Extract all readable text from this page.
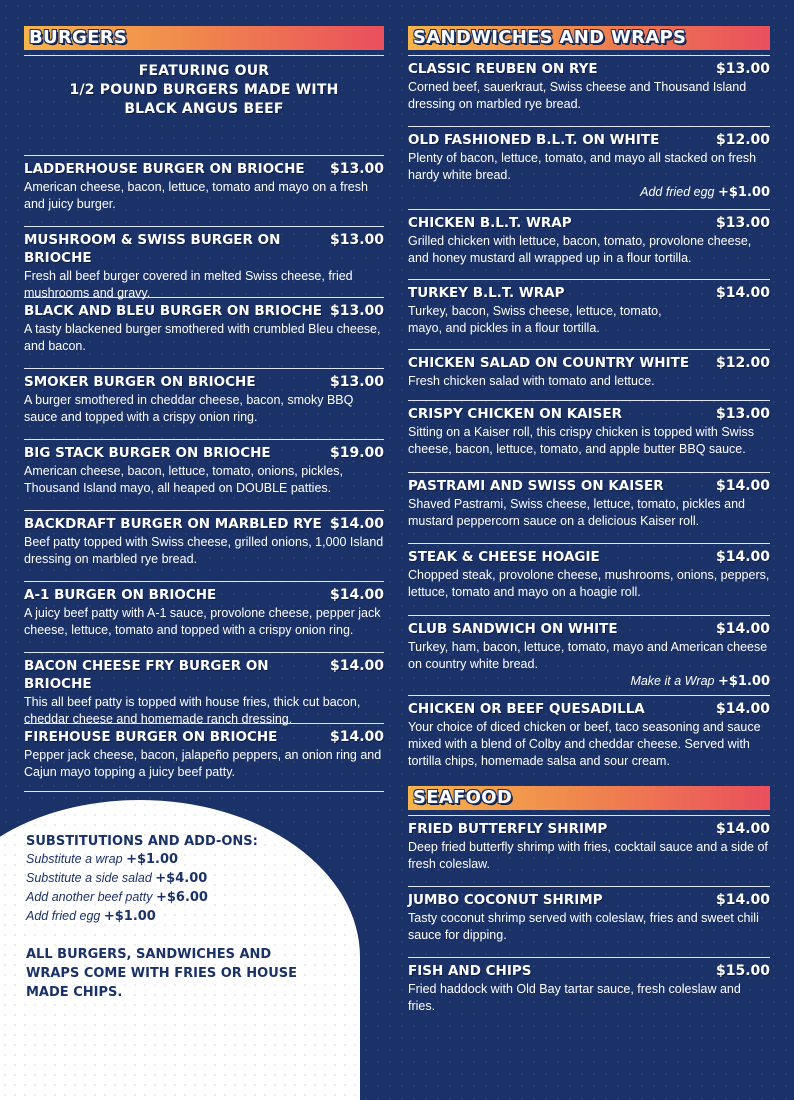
BURGERS
FEATURING OUR
1/2 POUND BURGERS MADE WITH
BLACK ANGUS BEEF
LADDERHOUSE BURGER ON BRIOCHE $13.00
American cheese, bacon, lettuce, tomato and mayo on a fresh and juicy burger.
MUSHROOM & SWISS BURGER ON BRIOCHE
$13.00
Fresh all beef burger covered in melted Swiss cheese, fried mushrooms and gravy.
BLACK AND BLEU BURGER ON BRIOCHE $13.00
A tasty blackened burger smothered with crumbled Bleu cheese, and bacon.
SMOKER BURGER ON BRIOCHE	$13.00
A burger smothered in cheddar cheese, bacon, smoky BBQ sauce and topped with a crispy onion ring.
BIG STACK BURGER ON BRIOCHE	$19.00
American cheese, bacon, lettuce, tomato, onions, pickles, Thousand Island mayo, all heaped on DOUBLE patties.
BACKDRAFT BURGER ON MARBLED RYE $14.00
Beef patty topped with Swiss cheese, grilled onions, 1,000 Island dressing on marbled rye bread.
A-1 BURGER ON BRIOCHE	$14.00
A juicy beef patty with A-1 sauce, provolone cheese, pepper jack cheese, lettuce, tomato and topped with a crispy onion ring.
BACON CHEESE FRY BURGER ON BRIOCHE
$14.00
This all beef patty is topped with house fries, thick cut bacon, cheddar cheese and homemade ranch dressing.
FIREHOUSE BURGER ON BRIOCHE	$14.00
Pepper jack cheese, bacon, jalapeño peppers, an onion ring and Cajun mayo topping a juicy beef patty.
SUBSTITUTIONS AND ADD-ONS:
Substitute a wrap +$1.00
Substitute a side salad +$4.00
Add another beef patty +$6.00
Add fried egg +$1.00
ALL BURGERS, SANDWICHES AND WRAPS COME WITH FRIES OR HOUSE MADE CHIPS.
SANDWICHES AND WRAPS
CLASSIC REUBEN ON RYE	$13.00
Corned beef, sauerkraut, Swiss cheese and Thousand Island dressing on marbled rye bread.
OLD FASHIONED B.L.T. ON WHITE	$12.00
Plenty of bacon, lettuce, tomato, and mayo all stacked on fresh hardy white bread.
Add fried egg +$1.00
CHICKEN B.L.T. WRAP	$13.00
Grilled chicken with lettuce, bacon, tomato, provolone cheese, and honey mustard all wrapped up in a flour tortilla.
TURKEY B.L.T. WRAP	$14.00
Turkey, bacon, Swiss cheese, lettuce, tomato, mayo, and pickles in a flour tortilla.
CHICKEN SALAD ON COUNTRY WHITE $12.00
Fresh chicken salad with tomato and lettuce.
CRISPY CHICKEN ON KAISER	$13.00
Sitting on a Kaiser roll, this crispy chicken is topped with Swiss cheese, bacon, lettuce, tomato, and apple butter BBQ sauce.
PASTRAMI AND SWISS ON KAISER	$14.00
Shaved Pastrami, Swiss cheese, lettuce, tomato, pickles and mustard peppercorn sauce on a delicious Kaiser roll.
STEAK & CHEESE HOAGIE	$14.00
Chopped steak, provolone cheese, mushrooms, onions, peppers, lettuce, tomato and mayo on a hoagie roll.
CLUB SANDWICH ON WHITE	$14.00
Turkey, ham, bacon, lettuce, tomato, mayo and American cheese on country white bread.
Make it a Wrap +$1.00
CHICKEN OR BEEF QUESADILLA	$14.00
Your choice of diced chicken or beef, taco seasoning and sauce mixed with a blend of Colby and cheddar cheese. Served with tortilla chips, homemade salsa and sour cream.
SEAFOOD
FRIED BUTTERFLY SHRIMP	$14.00
Deep fried butterfly shrimp with fries, cocktail sauce and a side of fresh coleslaw.
JUMBO COCONUT SHRIMP	$14.00
Tasty coconut shrimp served with coleslaw, fries and sweet chili sauce for dipping.
FISH AND CHIPS	$15.00
Fried haddock with Old Bay tartar sauce, fresh coleslaw and fries.
